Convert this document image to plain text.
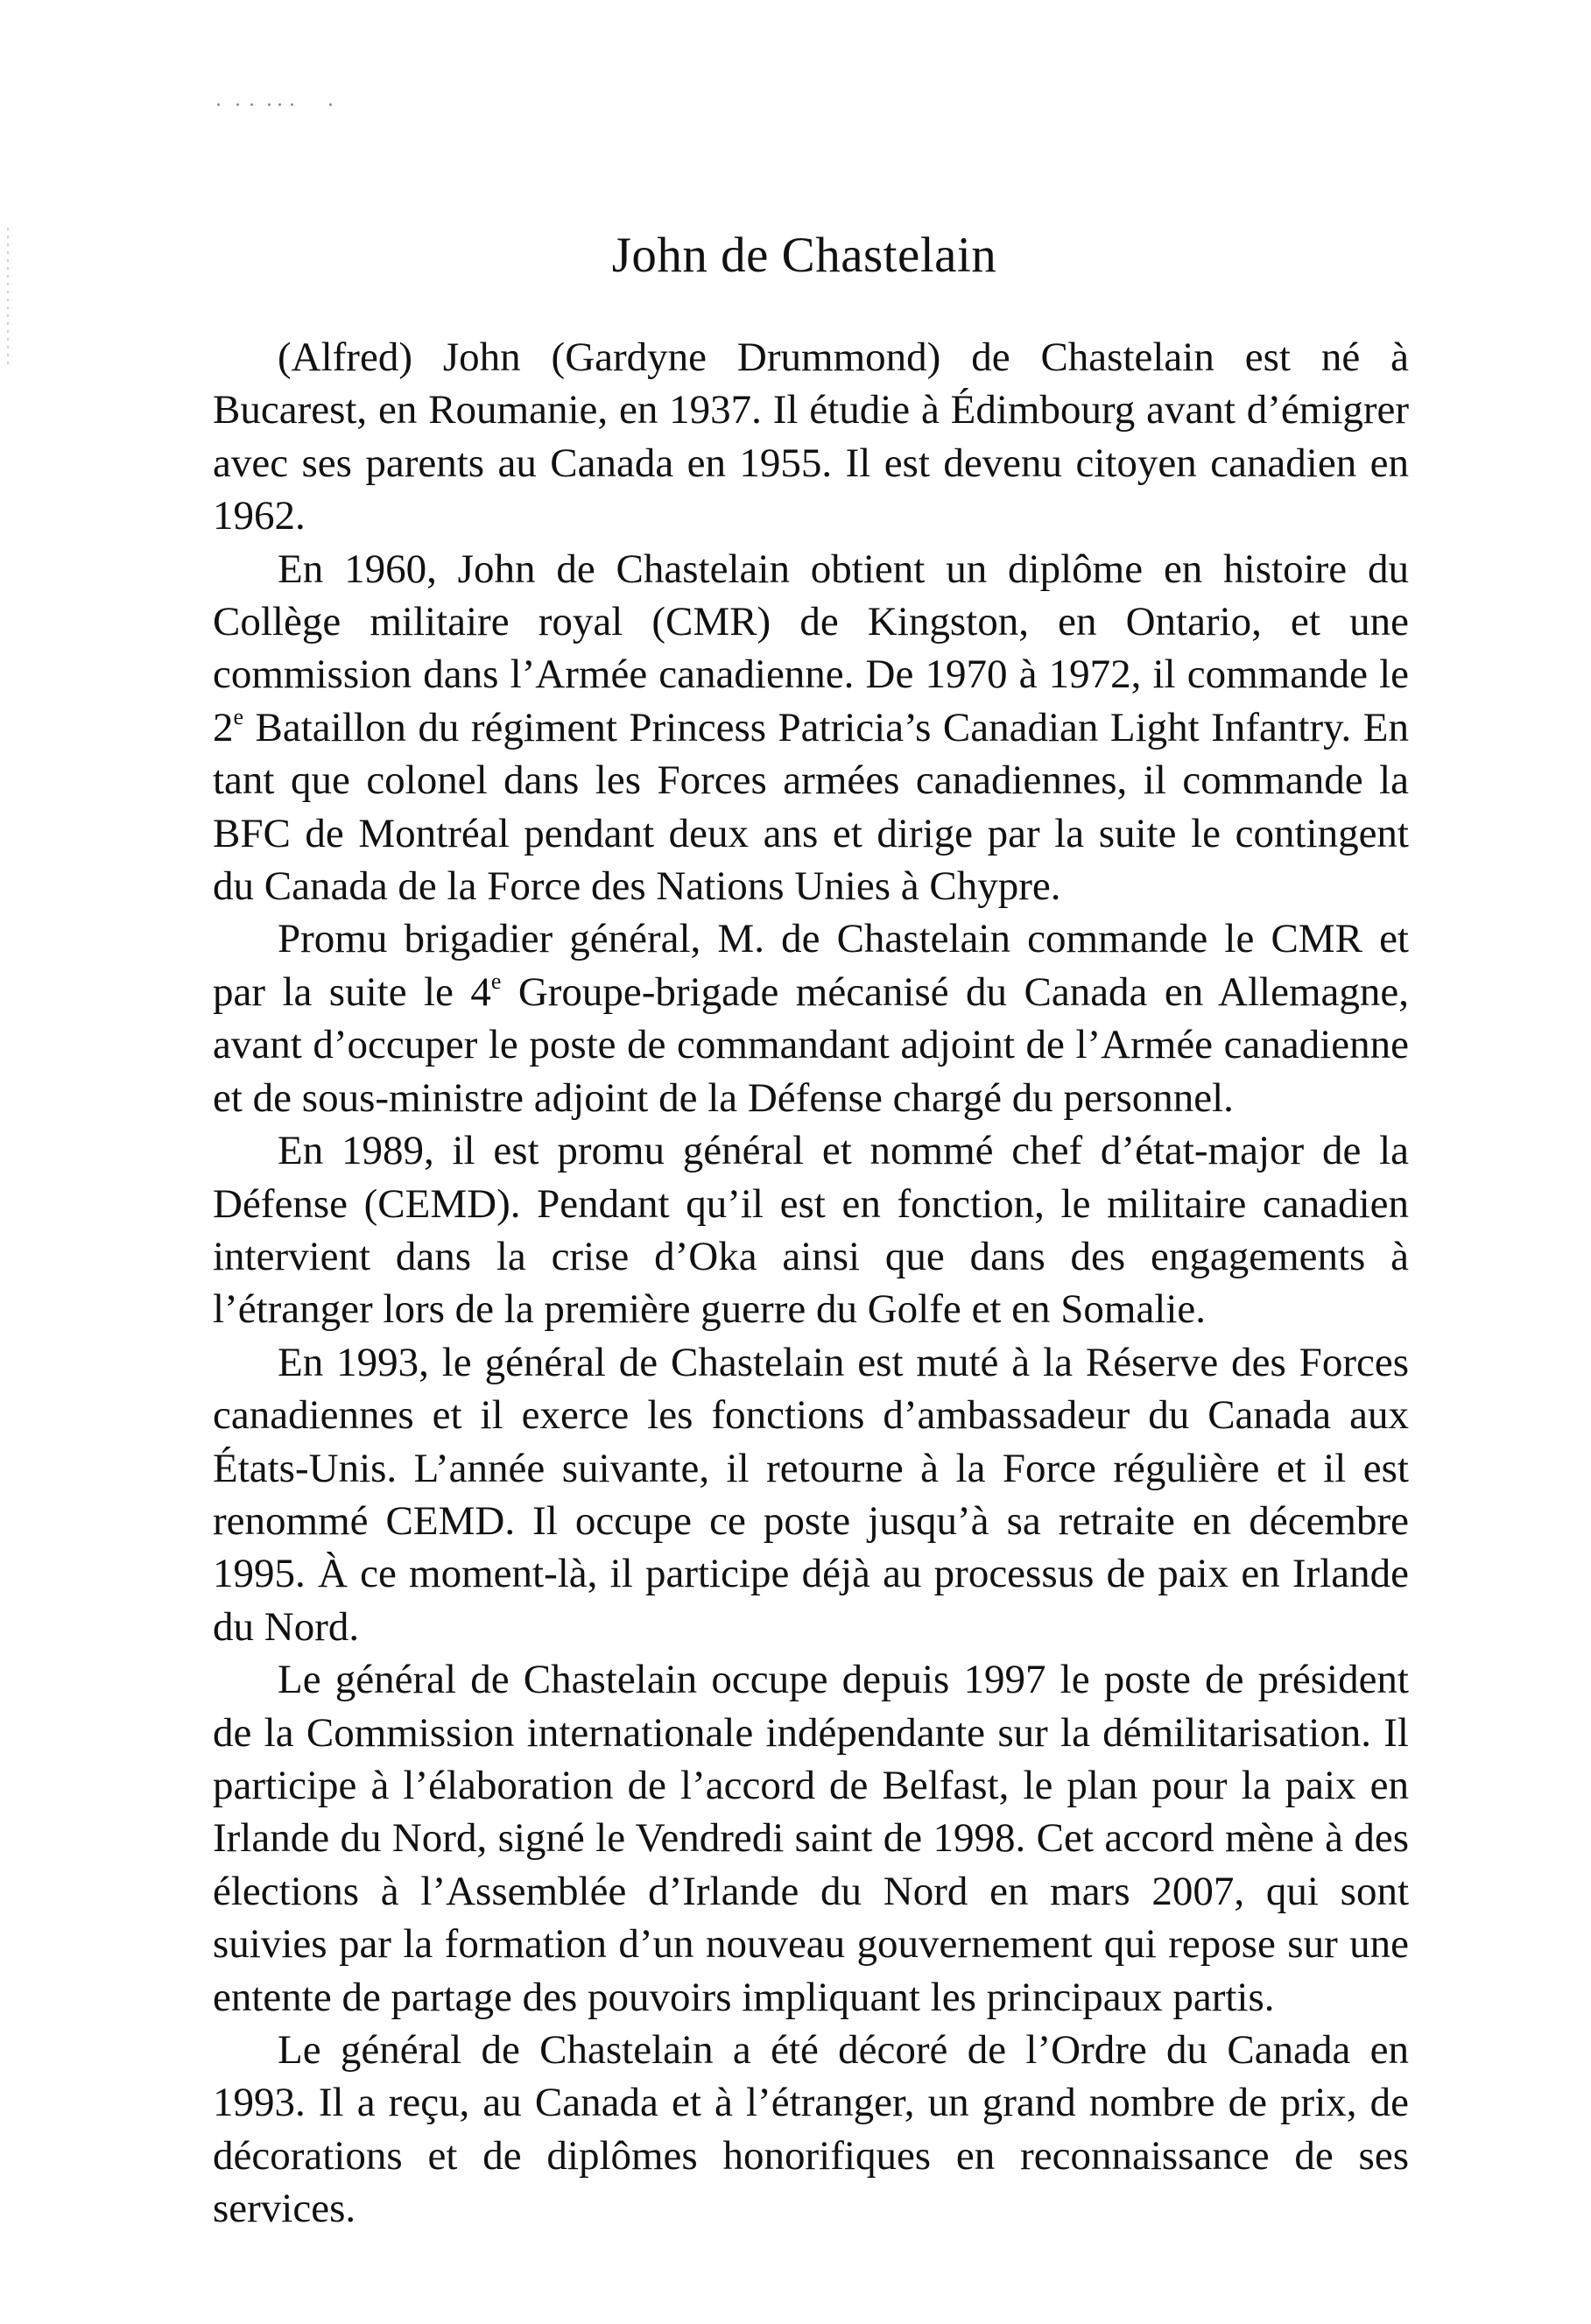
John de Chastelain

(Alfred) John (Gardyne Drummond) de Chastelain est né à Bucarest, en Roumanie, en 1937. Il étudie à Édimbourg avant d’émigrer avec ses parents au Canada en 1955. Il est devenu citoyen canadien en 1962.

En 1960, John de Chastelain obtient un diplôme en histoire du Collège militaire royal (CMR) de Kingston, en Ontario, et une commission dans l’Armée canadienne. De 1970 à 1972, il commande le 2e Bataillon du régiment Princess Patricia’s Canadian Light Infantry. En tant que colonel dans les Forces armées canadiennes, il commande la BFC de Montréal pendant deux ans et dirige par la suite le contingent du Canada de la Force des Nations Unies à Chypre.

Promu brigadier général, M. de Chastelain commande le CMR et par la suite le 4e Groupe-brigade mécanisé du Canada en Allemagne, avant d’occuper le poste de commandant adjoint de l’Armée canadienne et de sous-ministre adjoint de la Défense chargé du personnel.

En 1989, il est promu général et nommé chef d’état-major de la Défense (CEMD). Pendant qu’il est en fonction, le militaire canadien intervient dans la crise d’Oka ainsi que dans des engagements à l’étranger lors de la première guerre du Golfe et en Somalie.

En 1993, le général de Chastelain est muté à la Réserve des Forces canadiennes et il exerce les fonctions d’ambassadeur du Canada aux États-Unis. L’année suivante, il retourne à la Force régulière et il est renommé CEMD. Il occupe ce poste jusqu’à sa retraite en décembre 1995. À ce moment-là, il participe déjà au processus de paix en Irlande du Nord.

Le général de Chastelain occupe depuis 1997 le poste de président de la Commission internationale indépendante sur la démilitarisation. Il participe à l’élaboration de l’accord de Belfast, le plan pour la paix en Irlande du Nord, signé le Vendredi saint de 1998. Cet accord mène à des élections à l’Assemblée d’Irlande du Nord en mars 2007, qui sont suivies par la formation d’un nouveau gouvernement qui repose sur une entente de partage des pouvoirs impliquant les principaux partis.

Le général de Chastelain a été décoré de l’Ordre du Canada en 1993. Il a reçu, au Canada et à l’étranger, un grand nombre de prix, de décorations et de diplômes honorifiques en reconnaissance de ses services.
